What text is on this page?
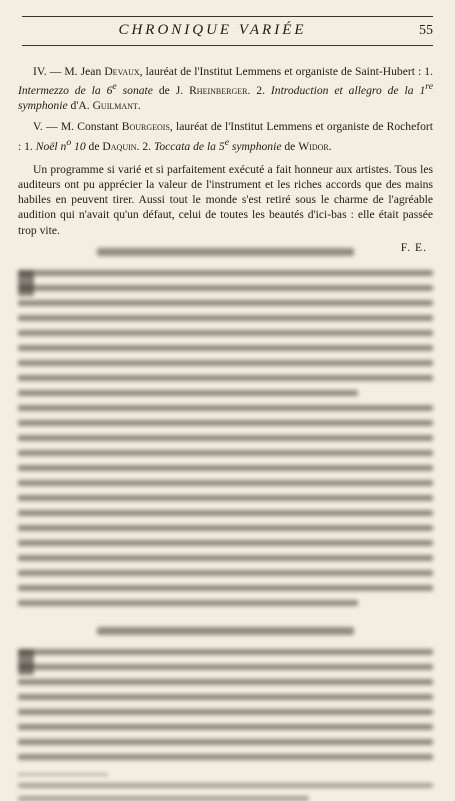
CHRONIQUE VARIÉE	55

IV. — M. Jean Devaux, lauréat de l'Institut Lemmens et organiste de Saint-Hubert : 1. Intermezzo de la 6e sonate de J. Rheinberger. 2. Introduction et allegro de la 1re symphonie d'A. Guilmant.

V. — M. Constant Bourgeois, lauréat de l'Institut Lemmens et organiste de Rochefort : 1. Noël $n^o$ 10 de Daquin. 2. Toccata de la 5e symphonie de Widor.

Un programme si varié et si parfaitement exécuté a fait honneur aux artistes. Tous les auditeurs ont pu apprécier la valeur de l'instrument et les riches accords que des mains habiles en peuvent tirer. Aussi tout le monde s'est retiré sous le charme de l'agréable audition qui n'avait qu'un défaut, celui de toutes les beautés d'ici-bas : elle était passée trop vite.

F. E.
